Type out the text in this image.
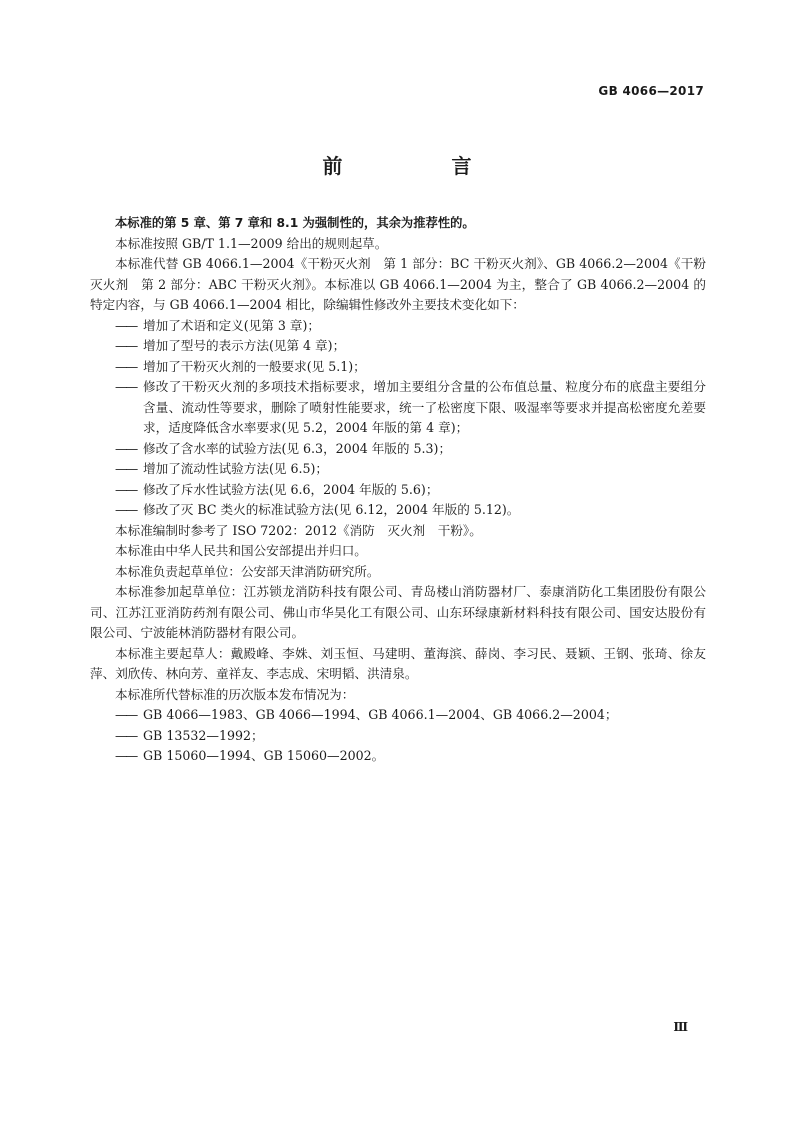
GB 4066—2017
前 言

本标准的第 5 章、第 7 章和 8.1 为强制性的，其余为推荐性的。

本标准按照 GB/T 1.1—2009 给出的规则起草。

本标准代替 GB 4066.1—2004《干粉灭火剂　第 1 部分：BC 干粉灭火剂》、GB 4066.2—2004《干粉灭火剂　第 2 部分：ABC 干粉灭火剂》。本标准以 GB 4066.1—2004 为主，整合了 GB 4066.2—2004 的特定内容，与 GB 4066.1—2004 相比，除编辑性修改外主要技术变化如下：

—— 增加了术语和定义(见第 3 章)；
—— 增加了型号的表示方法(见第 4 章)；
—— 增加了干粉灭火剂的一般要求(见 5.1)；
—— 修改了干粉灭火剂的多项技术指标要求，增加主要组分含量的公布值总量、粒度分布的底盘主要组分含量、流动性等要求，删除了喷射性能要求，统一了松密度下限、吸湿率等要求并提高松密度允差要求，适度降低含水率要求(见 5.2，2004 年版的第 4 章)；
—— 修改了含水率的试验方法(见 6.3，2004 年版的 5.3)；
—— 增加了流动性试验方法(见 6.5)；
—— 修改了斥水性试验方法(见 6.6，2004 年版的 5.6)；
—— 修改了灭 BC 类火的标准试验方法(见 6.12，2004 年版的 5.12)。

本标准编制时参考了 ISO 7202：2012《消防　灭火剂　干粉》。

本标准由中华人民共和国公安部提出并归口。

本标准负责起草单位：公安部天津消防研究所。

本标准参加起草单位：江苏锁龙消防科技有限公司、青岛楼山消防器材厂、泰康消防化工集团股份有限公司、江苏江亚消防药剂有限公司、佛山市华昊化工有限公司、山东环绿康新材料科技有限公司、国安达股份有限公司、宁波能林消防器材有限公司。

本标准主要起草人：戴殿峰、李姝、刘玉恒、马建明、董海滨、薛岗、李习民、聂颖、王钢、张琦、徐友萍、刘欣传、林向芳、童祥友、李志成、宋明韬、洪清泉。

本标准所代替标准的历次版本发布情况为：

—— GB 4066—1983、GB 4066—1994、GB 4066.1—2004、GB 4066.2—2004；
—— GB 13532—1992；
—— GB 15060—1994、GB 15060—2002。
Ⅲ
